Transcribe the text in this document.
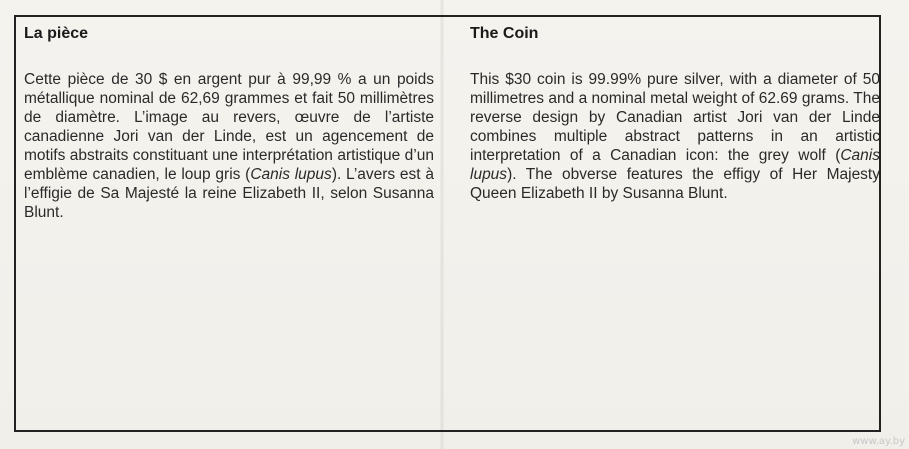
La pièce

Cette pièce de 30 $ en argent pur à 99,99 % a un poids métallique nominal de 62,69 grammes et fait 50 millimètres de diamètre. L’image au revers, œuvre de l’artiste canadienne Jori van der Linde, est un agencement de motifs abstraits constituant une interprétation artistique d’un emblème canadien, le loup gris (Canis lupus). L’avers est à l’effigie de Sa Majesté la reine Elizabeth II, selon Susanna Blunt.

The Coin

This $30 coin is 99.99% pure silver, with a diameter of 50 millimetres and a nominal metal weight of 62.69 grams. The reverse design by Canadian artist Jori van der Linde combines multiple abstract patterns in an artistic interpretation of a Canadian icon: the grey wolf (Canis lupus). The obverse features the effigy of Her Majesty Queen Elizabeth II by Susanna Blunt.

www.ay.by
